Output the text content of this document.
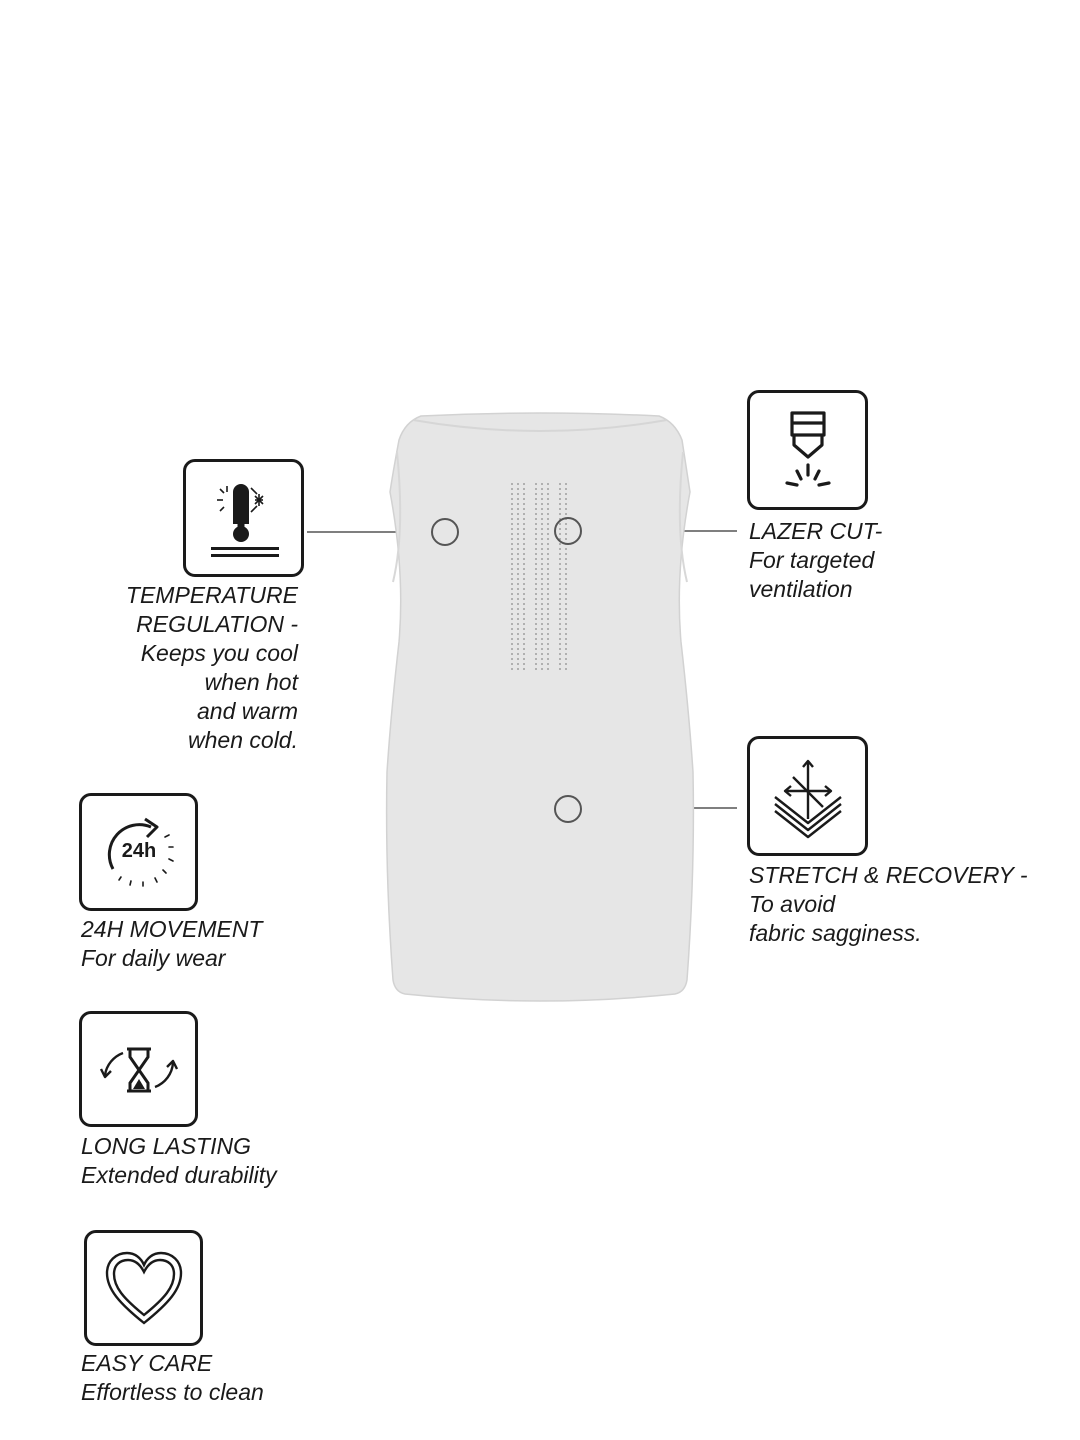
TEMPERATURE
REGULATION -
Keeps you cool
when hot
and warm
when cold.
LAZER CUT-
For targeted
ventilation
STRETCH & RECOVERY -
To avoid
fabric sagginess.
24h
24H MOVEMENT
For daily wear
LONG LASTING
Extended durability
EASY CARE
Effortless to clean
